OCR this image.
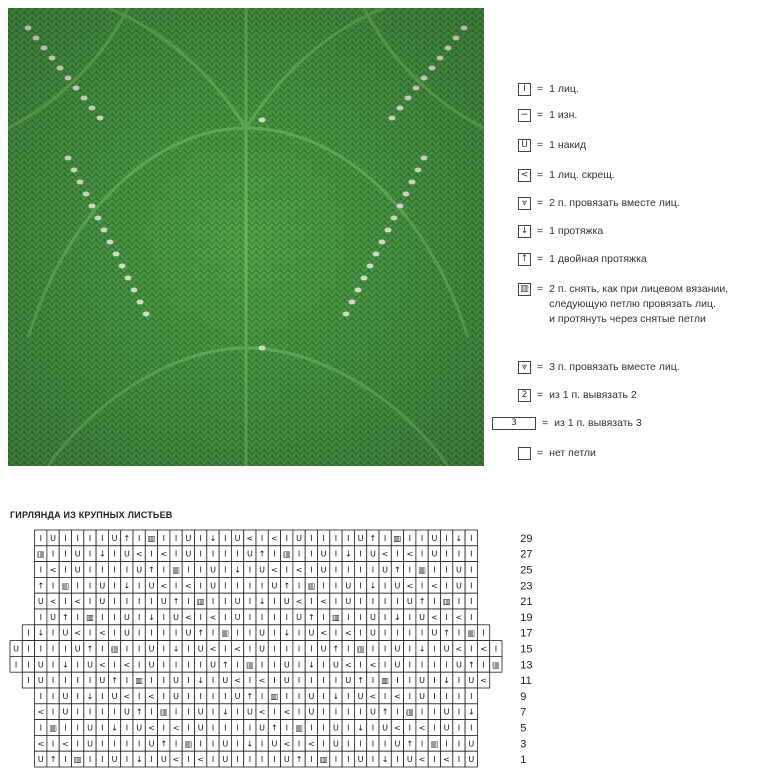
I	= 1 лиц.
− = 1 изн.
U = 1 накид
< = 1 лиц. скрещ.
⩔ = 2 п. провязать вместе лиц.
↓ = 1 протяжка
↑ = 1 двойная протяжка
▥ = 2 п. снять, как при лицевом вязании,
следующую петлю провязать лиц.
и протянуть через снятые петли
⩔ = 3 п. провязать вместе лиц.
2 = из 1 п. вывязать 2
3	= из 1 п. вывязать 3
= нет петли
ГИРЛЯНДА ИЗ КРУПНЫХ ЛИСТЬЕВ
I U I I I I U ↑ I ▥ I I U I ↓ I U < I < I U I I I I U ↑ I ▥ I I U I ↓ I
▥ I I U I ↓ I U < I < I U I I I I U ↑ I ▥ I I U I ↓ I U < I < I U I I I
I < I U I I I I U ↑ I ▥ I I U I ↓ I U < I < I U I I I I U ↑ I ▥ I I U I
↑ I ▥ I I U I ↓ I U < I < I U I I I I U ↑ I ▥ I I U I ↓ I U < I < I U I
U < I < I U I I I I U ↑ I ▥ I I U I ↓ I U < I < I U I I I I U ↑ I ▥ I I
I U ↑ I ▥ I I U I ↓ I U < I < I U I I I I U ↑ I ▥ I I U I ↓ I U < I < I
I ↓ I U < I < I U I I I I U ↑ I ▥ I I U I ↓ I U < I < I U I I I I U ↑ I ▥ I
U I I I I U ↑ I ▥ I I U I ↓ I U < I < I U I I I I U ↑ I ▥ I I U I ↓ I U < I < I
I I U I ↓ I U < I < I U I I I I U ↑ I ▥ I I U I ↓ I U < I < I U I I I I U ↑ I ▥
I U I I I I U ↑ I ▥ I I U I ↓ I U < I < I U I I I I U ↑ I ▥ I I U I ↓ I U <
I I U I ↓ I U < I < I U I I I I U ↑ I ▥ I I U I ↓ I U < I < I U I I I I
< I U I I I I U ↑ I ▥ I I U I ↓ I U < I < I U I I I I U ↑ I ▥ I I U I ↓
I ▥ I I U I ↓ I U < I < I U I I I I U ↑ I ▥ I I U I ↓ I U < I < I U I I
< I < I U I I I I U ↑ I ▥ I I U I ↓ I U < I < I U I I I I U ↑ I ▥ I I U
U ↑ I ▥ I I U I ↓ I U < I < I U I I I I U ↑ I ▥ I I U I ↓ I U < I < I U
29
27
25
23
21
19
17
15
13
11
9
7
5
3
1
